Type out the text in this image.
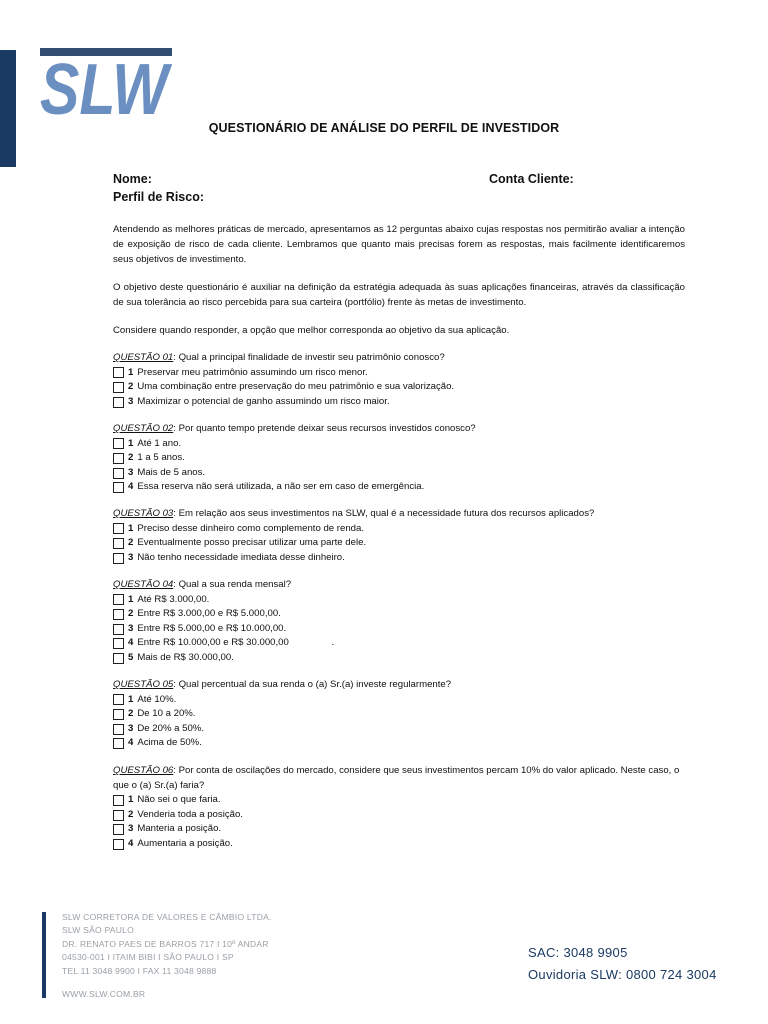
SLW	QUESTIONÁRIO DE ANÁLISE DO PERFIL DE INVESTIDOR
Nome:	Conta Cliente:
Perfil de Risco:
Atendendo as melhores práticas de mercado, apresentamos as 12 perguntas abaixo cujas respostas nos permitirão avaliar a intenção de exposição de risco de cada cliente. Lembramos que quanto mais precisas forem as respostas, mais facilmente identificaremos seus objetivos de investimento.
O objetivo deste questionário é auxiliar na definição da estratégia adequada às suas aplicações financeiras, através da classificação de sua tolerância ao risco percebida para sua carteira (portfólio) frente às metas de investimento.
Considere quando responder, a opção que melhor corresponda ao objetivo da sua aplicação.
QUESTÃO 01: Qual a principal finalidade de investir seu patrimônio conosco?
1 Preservar meu patrimônio assumindo um risco menor.
2 Uma combinação entre preservação do meu patrimônio e sua valorização.
3 Maximizar o potencial de ganho assumindo um risco maior.
QUESTÃO 02: Por quanto tempo pretende deixar seus recursos investidos conosco?
1 Até 1 ano.
2 1 a 5 anos.
3 Mais de 5 anos.
4 Essa reserva não será utilizada, a não ser em caso de emergência.
QUESTÃO 03: Em relação aos seus investimentos na SLW, qual é a necessidade futura dos recursos aplicados?
1 Preciso desse dinheiro como complemento de renda.
2 Eventualmente posso precisar utilizar uma parte dele.
3 Não tenho necessidade imediata desse dinheiro.
QUESTÃO 04: Qual a sua renda mensal?
1 Até R$ 3.000,00.
2 Entre R$ 3.000,00 e R$ 5.000,00.
3 Entre R$ 5.000,00 e R$ 10.000,00.
4 Entre R$ 10.000,00 e R$ 30.000,00                .
5 Mais de R$ 30.000,00.
QUESTÃO 05: Qual percentual da sua renda o (a) Sr.(a) investe regularmente?
1 Até 10%.
2 De 10 a 20%.
3 De 20% a 50%.
4 Acima de 50%.
QUESTÃO 06: Por conta de oscilações do mercado, considere que seus investimentos percam 10% do valor aplicado. Neste caso, o que o (a) Sr.(a) faria?
1 Não sei o que faria.
2 Venderia toda a posição.
3 Manteria a posição.
4 Aumentaria a posição.
SLW CORRETORA DE VALORES E CÂMBIO LTDA.
SLW SÃO PAULO
DR. RENATO PAES DE BARROS 717 I 10º ANDAR
04530-001 I ITAIM BIBI I SÃO PAULO I SP
TEL 11 3048 9900 I FAX 11 3048 9888
WWW.SLW.COM.BR
SAC: 3048 9905
Ouvidoria SLW: 0800 724 3004
